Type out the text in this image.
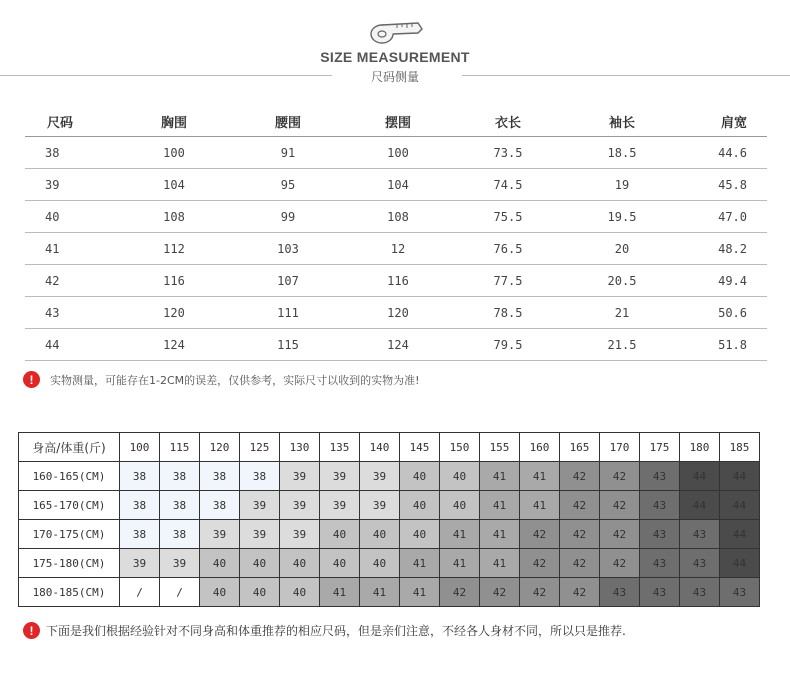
SIZE MEASUREMENT
尺码侧量
尺码	胸围	腰围	摆围	衣长	袖长	肩宽
38	100	91	100	73.5	18.5	44.6
39	104	95	104	74.5	19	45.8
40	108	99	108	75.5	19.5	47.0
41	112	103	12	76.5	20	48.2
42	116	107	116	77.5	20.5	49.4
43	120	111	120	78.5	21	50.6
44	124	115	124	79.5	21.5	51.8
!	实物测量，可能存在1-2CM的误差，仅供参考，实际尺寸以收到的实物为准!
身高/体重(斤)	100	115	120	125	130	135	140	145	150	155	160	165	170	175	180	185
160-165(CM)	38	38	38	38	39	39	39	40	40	41	41	42	42	43	44	44
165-170(CM)	38	38	38	39	39	39	39	40	40	41	41	42	42	43	44	44
170-175(CM)	38	38	39	39	39	40	40	40	41	41	42	42	42	43	43	44
175-180(CM)	39	39	40	40	40	40	40	41	41	41	42	42	42	43	43	44
180-185(CM)	/	/	40	40	40	41	41	41	42	42	42	42	43	43	43	43
!	下面是我们根据经验针对不同身高和体重推荐的相应尺码，但是亲们注意，不经各人身材不同，所以只是推荐.
